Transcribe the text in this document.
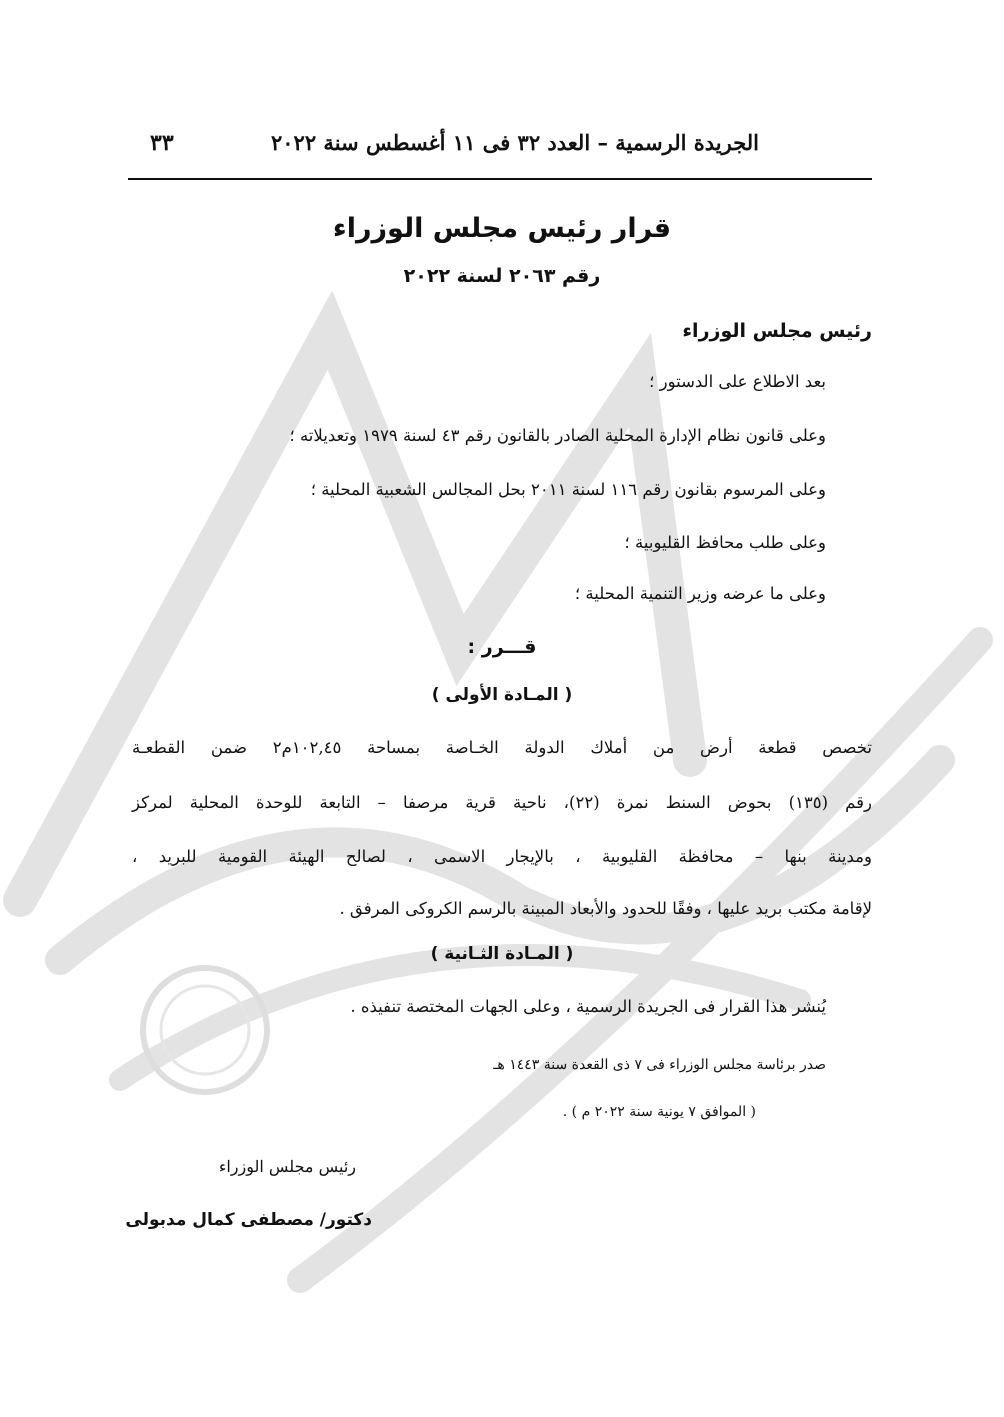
الجريدة الرسمية – العدد ٣٢ فى ١١ أغسطس سنة ٢٠٢٢
٣٣
قرار رئيس مجلس الوزراء
رقم ٢٠٦٣ لسنة ٢٠٢٢
رئيس مجلس الوزراء
بعد الاطلاع على الدستور ؛
وعلى قانون نظام الإدارة المحلية الصادر بالقانون رقم ٤٣ لسنة ١٩٧٩ وتعديلاته ؛
وعلى المرسوم بقانون رقم ١١٦ لسنة ٢٠١١ بحل المجالس الشعبية المحلية ؛
وعلى طلب محافظ القليوبية ؛
وعلى ما عرضه وزير التنمية المحلية ؛
قـــرر :
( المـادة الأولى )
تخصص قطعة أرض من أملاك الدولة الخـاصة بمساحة ١٠٢,٤٥م٢ ضمن القطعـة
رقم (١٣٥) بحوض السنط نمرة (٢٢)، ناحية قرية مرصفا – التابعة للوحدة المحلية لمركز
ومدينة بنها – محافظة القليوبية ، بالإيجار الاسمى ، لصالح الهيئة القومية للبريد ،
لإقامة مكتب بريد عليها ، وفقًا للحدود والأبعاد المبينة بالرسم الكروكى المرفق .
( المـادة الثـانية )
يُنشر هذا القرار فى الجريدة الرسمية ، وعلى الجهات المختصة تنفيذه .
صدر برئاسة مجلس الوزراء فى ٧ ذى القعدة سنة ١٤٤٣ هـ
( الموافق ٧ يونية سنة ٢٠٢٢ م ) .
رئيس مجلس الوزراء
دكتور/ مصطفى كمال مدبولى
